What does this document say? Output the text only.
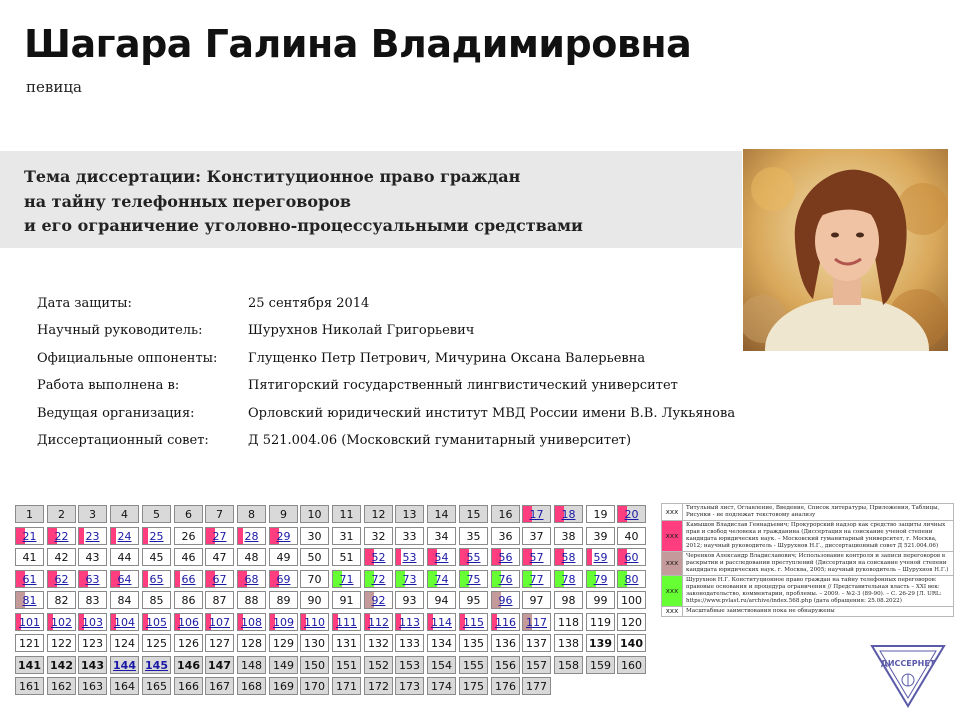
Шагара Галина Владимировна
певица
Тема диссертации: Конституционное право граждан
на тайну телефонных переговоров
и его ограничение уголовно-процессуальными средствами
Дата защиты:	25 сентября 2014
Научный руководитель:	Шурухнов Николай Григорьевич
Официальные оппоненты: Глущенко Петр Петрович, Мичурина Оксана Валерьевна
Работа выполнена в:	Пятигорский государственный лингвистический университет
Ведущая организация:	Орловский юридический институт МВД России имени В.В. Лукьянова
Диссертационный совет:	Д 521.004.06 (Московский гуманитарный университет)
1	2	3	4	5	6	7	8	9	10	11	12	13	14	15	16	17	18	19	20
21	22	23	24	25	26	27	28	29	30	31	32	33	34	35	36	37	38	39	40
41	42	43	44	45	46	47	48	49	50	51	52	53	54	55	56	57	58	59	60
61	62	63	64	65	66	67	68	69	70	71	72	73	74	75	76	77	78	79	80
81	82	83	84	85	86	87	88	89	90	91	92	93	94	95	96	97	98	99	100
101	102 103	104	105	106 107	108	109 110	111	112 113	114	115	116 117	118	119 120
121	122 123	124	125	126 127	128	129 130	131	132 133	134	135	136 137	138 139 140
141 142 143 144 145 146 147 148	149 150	151	152 153	154	155	156 157	158	159 160
161	162 163	164	165	166 167	168	169 170	171	172 173	174	175	176 177
xxx	Титульный лист, Оглавление, Введение, Список литературы, Приложения, Таблицы, Рисунки - не подлежат текстовому анализу
xxx	Камышов Владислав Геннадьевич; Прокурорский надзор как средство защиты личных прав и свобод человека и гражданина (Диссертация на соискание ученой степени кандидата юридических наук. – Московский гуманитарный университет, г. Москва, 2012; научный руководитель - Шурухнов Н.Г., диссертационный совет Д 521.004.06)
xxx	Черенков Александр Владиславович; Использование контроля и записи переговоров в раскрытии и расследовании преступлений (Диссертация на соискание ученой степени кандидата юридических наук. г. Москва, 2005; научный руководитель – Шурухнов Н.Г.)
xxx	Шурухнов Н.Г. Конституционное право граждан на тайну телефонных переговоров: правовые основания и процедура ограничения // Представительная власть – XXI век: законодательство, комментарии, проблемы. – 2009. – №2-3 (89-90). – С. 26-29 [Л. URL: https://www.pvlast.ru/archive/index.568.php (дата обращения: 25.08.2022)
xxx	Масштабные заимствования пока не обнаружены
ДИССЕРНЕТ
